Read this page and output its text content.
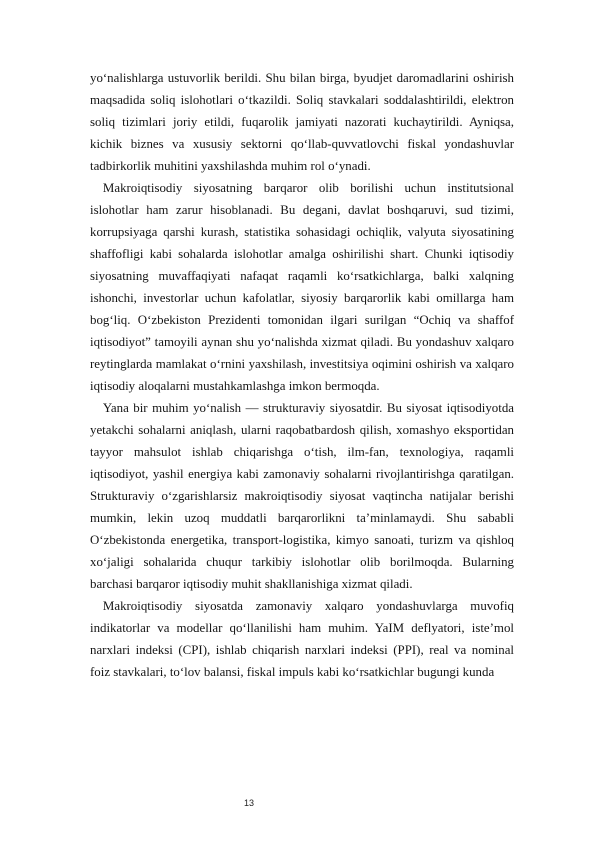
yo‘nalishlarga ustuvorlik berildi. Shu bilan birga, byudjet daromadlarini oshirish maqsadida soliq islohotlari o‘tkazildi. Soliq stavkalari soddalashtirildi, elektron soliq tizimlari joriy etildi, fuqarolik jamiyati nazorati kuchaytirildi. Ayniqsa, kichik biznes va xususiy sektorni qo‘llab-quvvatlovchi fiskal yondashuvlar tadbirkorlik muhitini yaxshilashda muhim rol o‘ynadi.

 Makroiqtisodiy siyosatning barqaror olib borilishi uchun institutsional islohotlar ham zarur hisoblanadi. Bu degani, davlat boshqaruvi, sud tizimi, korrupsiyaga qarshi kurash, statistika sohasidagi ochiqlik, valyuta siyosatining shaffofligi kabi sohalarda islohotlar amalga oshirilishi shart. Chunki iqtisodiy siyosatning muvaffaqiyati nafaqat raqamli ko‘rsatkichlarga, balki xalqning ishonchi, investorlar uchun kafolatlar, siyosiy barqarorlik kabi omillarga ham bog‘liq. O‘zbekiston Prezidenti tomonidan ilgari surilgan “Ochiq va shaffof iqtisodiyot” tamoyili aynan shu yo‘nalishda xizmat qiladi. Bu yondashuv xalqaro reytinglarda mamlakat o‘rnini yaxshilash, investitsiya oqimini oshirish va xalqaro iqtisodiy aloqalarni mustahkamlashga imkon bermoqda.

 Yana bir muhim yo‘nalish — strukturaviy siyosatdir. Bu siyosat iqtisodiyotda yetakchi sohalarni aniqlash, ularni raqobatbardosh qilish, xomashyo eksportidan tayyor mahsulot ishlab chiqarishga o‘tish, ilm-fan, texnologiya, raqamli iqtisodiyot, yashil energiya kabi zamonaviy sohalarni rivojlantirishga qaratilgan. Strukturaviy o‘zgarishlarsiz makroiqtisodiy siyosat vaqtincha natijalar berishi mumkin, lekin uzoq muddatli barqarorlikni ta’minlamaydi. Shu sababli O‘zbekistonda energetika, transport-logistika, kimyo sanoati, turizm va qishloq xo‘jaligi sohalarida chuqur tarkibiy islohotlar olib borilmoqda. Bularning barchasi barqaror iqtisodiy muhit shakllanishiga xizmat qiladi.

 Makroiqtisodiy siyosatda zamonaviy xalqaro yondashuvlarga muvofiq indikatorlar va modellar qo‘llanilishi ham muhim. YaIM deflyatori, iste’mol narxlari indeksi (CPI), ishlab chiqarish narxlari indeksi (PPI), real va nominal foiz stavkalari, to‘lov balansi, fiskal impuls kabi ko‘rsatkichlar bugungi kunda

13
